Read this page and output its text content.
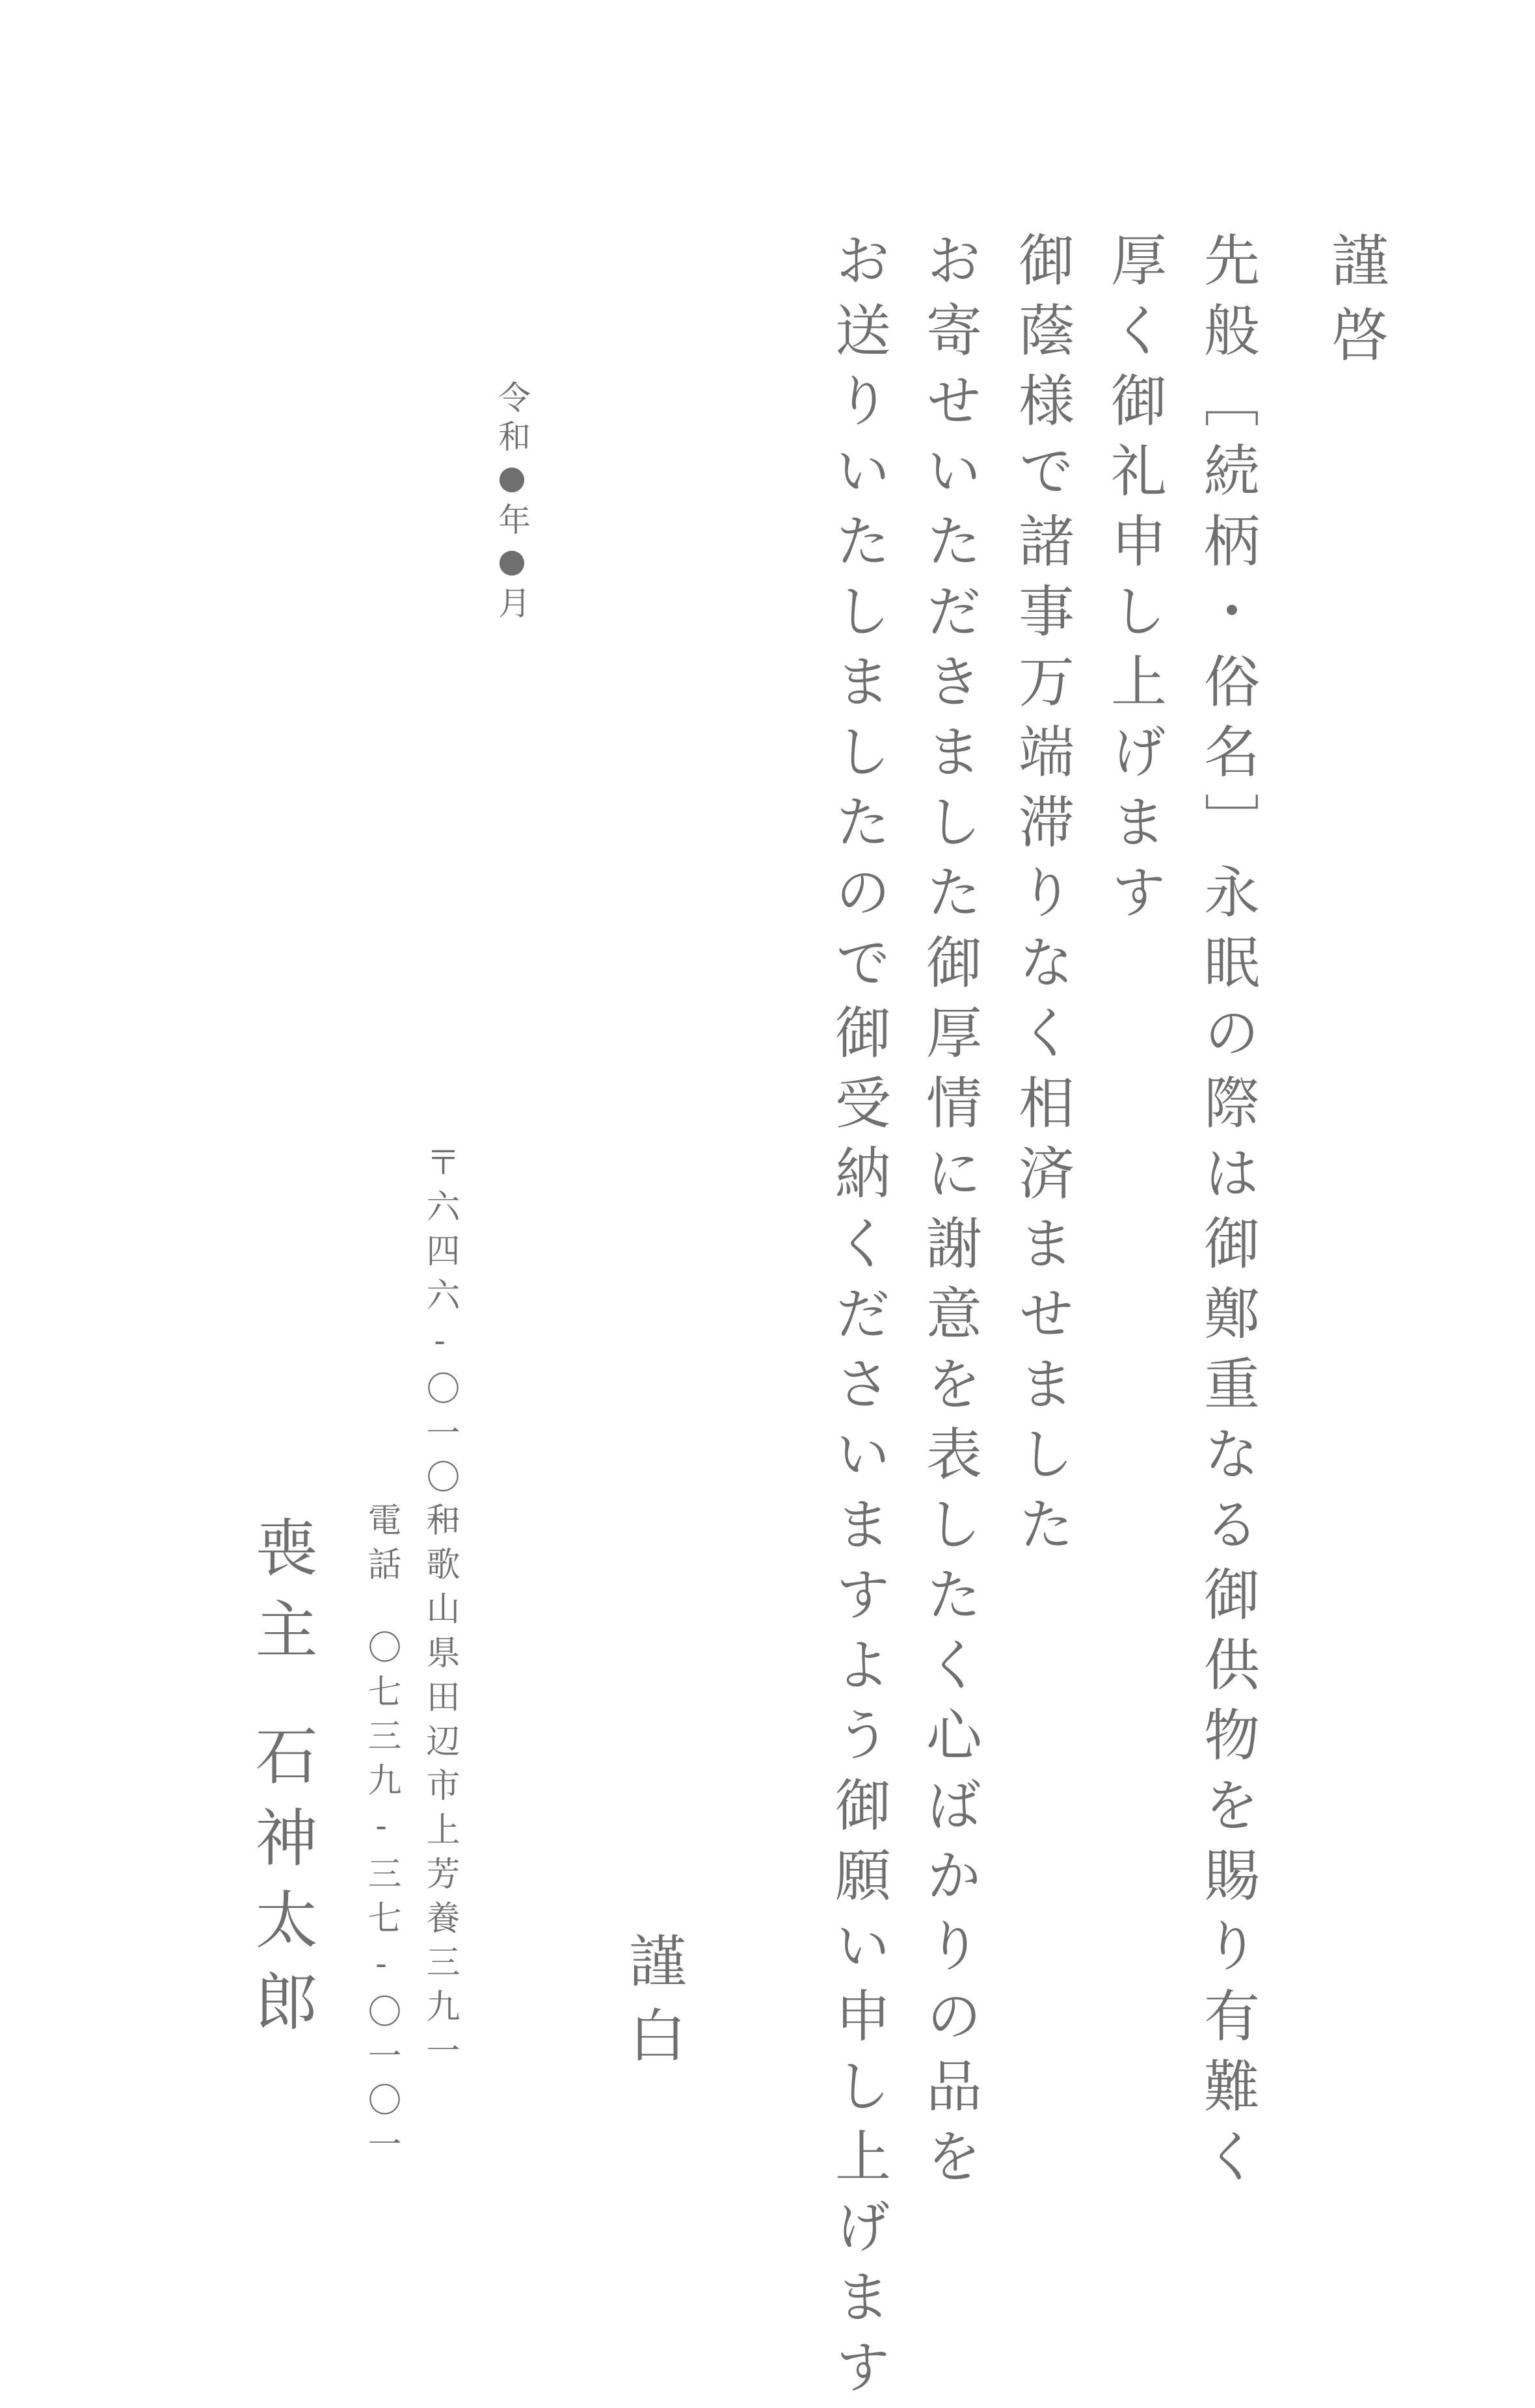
謹啓
先般［続柄・俗名］永眠の際は御鄭重なる御供物を賜り有難く
厚く御礼申し上げます
御蔭様で諸事万端滞りなく相済ませました
お寄せいただきました御厚情に謝意を表したく心ばかりの品を
お送りいたしましたので御受納くださいますよう御願い申し上げます
謹白
令和●年●月
〒六四六-〇一〇一
和歌山県田辺市上芳養三九一
電話〇七三九-三七-〇一〇一
喪主
石神太郎
